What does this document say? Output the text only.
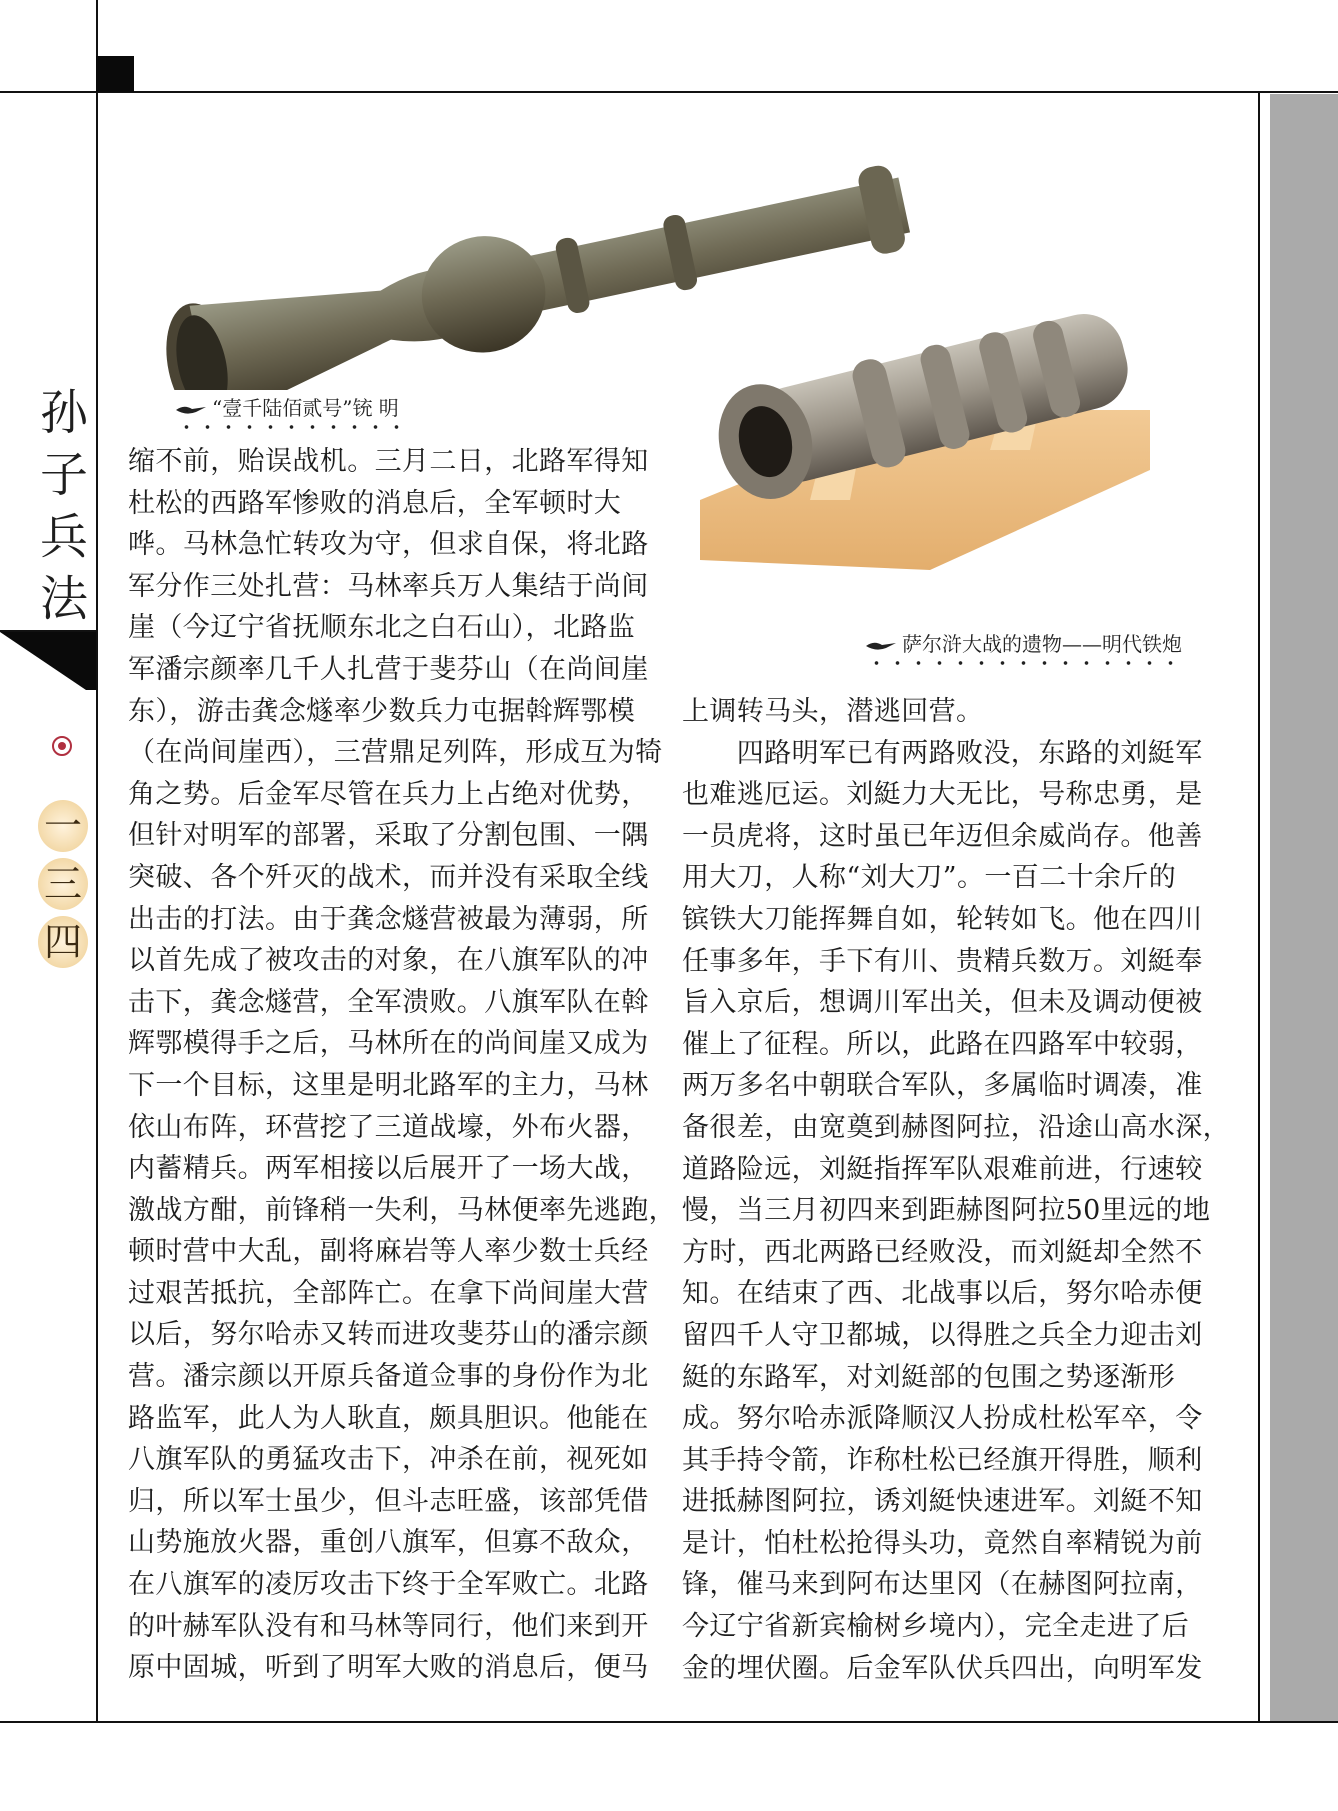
孙
子
兵
法
一
三
四
“壹千陆佰贰号”铳 明
萨尔浒大战的遗物——明代铁炮
缩不前，贻误战机。三月二日，北路军得知
杜松的西路军惨败的消息后，全军顿时大
哗。马林急忙转攻为守，但求自保，将北路
军分作三处扎营：马林率兵万人集结于尚间
崖（今辽宁省抚顺东北之白石山），北路监
军潘宗颜率几千人扎营于斐芬山（在尚间崖
东），游击龚念燧率少数兵力屯据斡辉鄂模
（在尚间崖西），三营鼎足列阵，形成互为犄
角之势。后金军尽管在兵力上占绝对优势，
但针对明军的部署，采取了分割包围、一隅
突破、各个歼灭的战术，而并没有采取全线
出击的打法。由于龚念燧营被最为薄弱，所
以首先成了被攻击的对象，在八旗军队的冲
击下，龚念燧营，全军溃败。八旗军队在斡
辉鄂模得手之后，马林所在的尚间崖又成为
下一个目标，这里是明北路军的主力，马林
依山布阵，环营挖了三道战壕，外布火器，
内蓄精兵。两军相接以后展开了一场大战，
激战方酣，前锋稍一失利，马林便率先逃跑，
顿时营中大乱，副将麻岩等人率少数士兵经
过艰苦抵抗，全部阵亡。在拿下尚间崖大营
以后，努尔哈赤又转而进攻斐芬山的潘宗颜
营。潘宗颜以开原兵备道佥事的身份作为北
路监军，此人为人耿直，颇具胆识。他能在
八旗军队的勇猛攻击下，冲杀在前，视死如
归，所以军士虽少，但斗志旺盛，该部凭借
山势施放火器，重创八旗军，但寡不敌众，
在八旗军的凌厉攻击下终于全军败亡。北路
的叶赫军队没有和马林等同行，他们来到开
原中固城，听到了明军大败的消息后，便马
上调转马头，潜逃回营。
　　四路明军已有两路败没，东路的刘綎军
也难逃厄运。刘綎力大无比，号称忠勇，是
一员虎将，这时虽已年迈但余威尚存。他善
用大刀，人称“刘大刀”。一百二十余斤的
镔铁大刀能挥舞自如，轮转如飞。他在四川
任事多年，手下有川、贵精兵数万。刘綎奉
旨入京后，想调川军出关，但未及调动便被
催上了征程。所以，此路在四路军中较弱，
两万多名中朝联合军队，多属临时调凑，准
备很差，由宽奠到赫图阿拉，沿途山高水深，
道路险远，刘綎指挥军队艰难前进，行速较
慢，当三月初四来到距赫图阿拉50里远的地
方时，西北两路已经败没，而刘綎却全然不
知。在结束了西、北战事以后，努尔哈赤便
留四千人守卫都城，以得胜之兵全力迎击刘
綎的东路军，对刘綎部的包围之势逐渐形
成。努尔哈赤派降顺汉人扮成杜松军卒，令
其手持令箭，诈称杜松已经旗开得胜，顺利
进抵赫图阿拉，诱刘綎快速进军。刘綎不知
是计，怕杜松抢得头功，竟然自率精锐为前
锋，催马来到阿布达里冈（在赫图阿拉南，
今辽宁省新宾榆树乡境内），完全走进了后
金的埋伏圈。后金军队伏兵四出，向明军发
